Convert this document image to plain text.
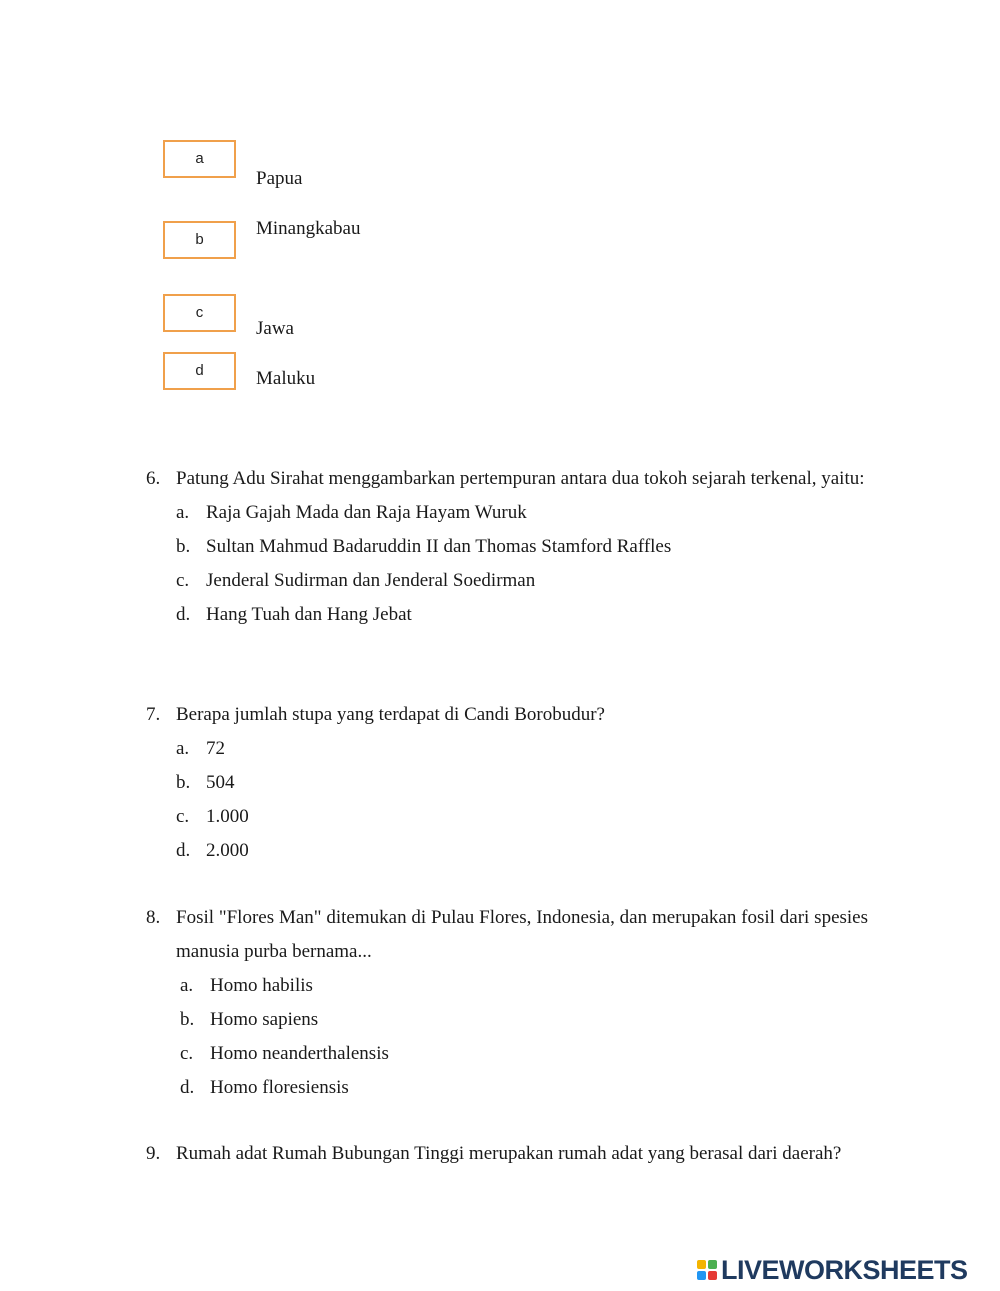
a
Papua
b
Minangkabau
c
Jawa
d	Maluku
6. Patung Adu Sirahat menggambarkan pertempuran antara dua tokoh sejarah terkenal, yaitu:
a. Raja Gajah Mada dan Raja Hayam Wuruk
b. Sultan Mahmud Badaruddin II dan Thomas Stamford Raffles
c. Jenderal Sudirman dan Jenderal Soedirman
d. Hang Tuah dan Hang Jebat
7. Berapa jumlah stupa yang terdapat di Candi Borobudur?
a. 72
b. 504
c. 1.000
d. 2.000
8. Fosil "Flores Man" ditemukan di Pulau Flores, Indonesia, dan merupakan fosil dari spesies manusia purba bernama...
a. Homo habilis
b. Homo sapiens
c. Homo neanderthalensis
d. Homo floresiensis
9. Rumah adat Rumah Bubungan Tinggi merupakan rumah adat yang berasal dari daerah?
LIVEWORKSHEETS
